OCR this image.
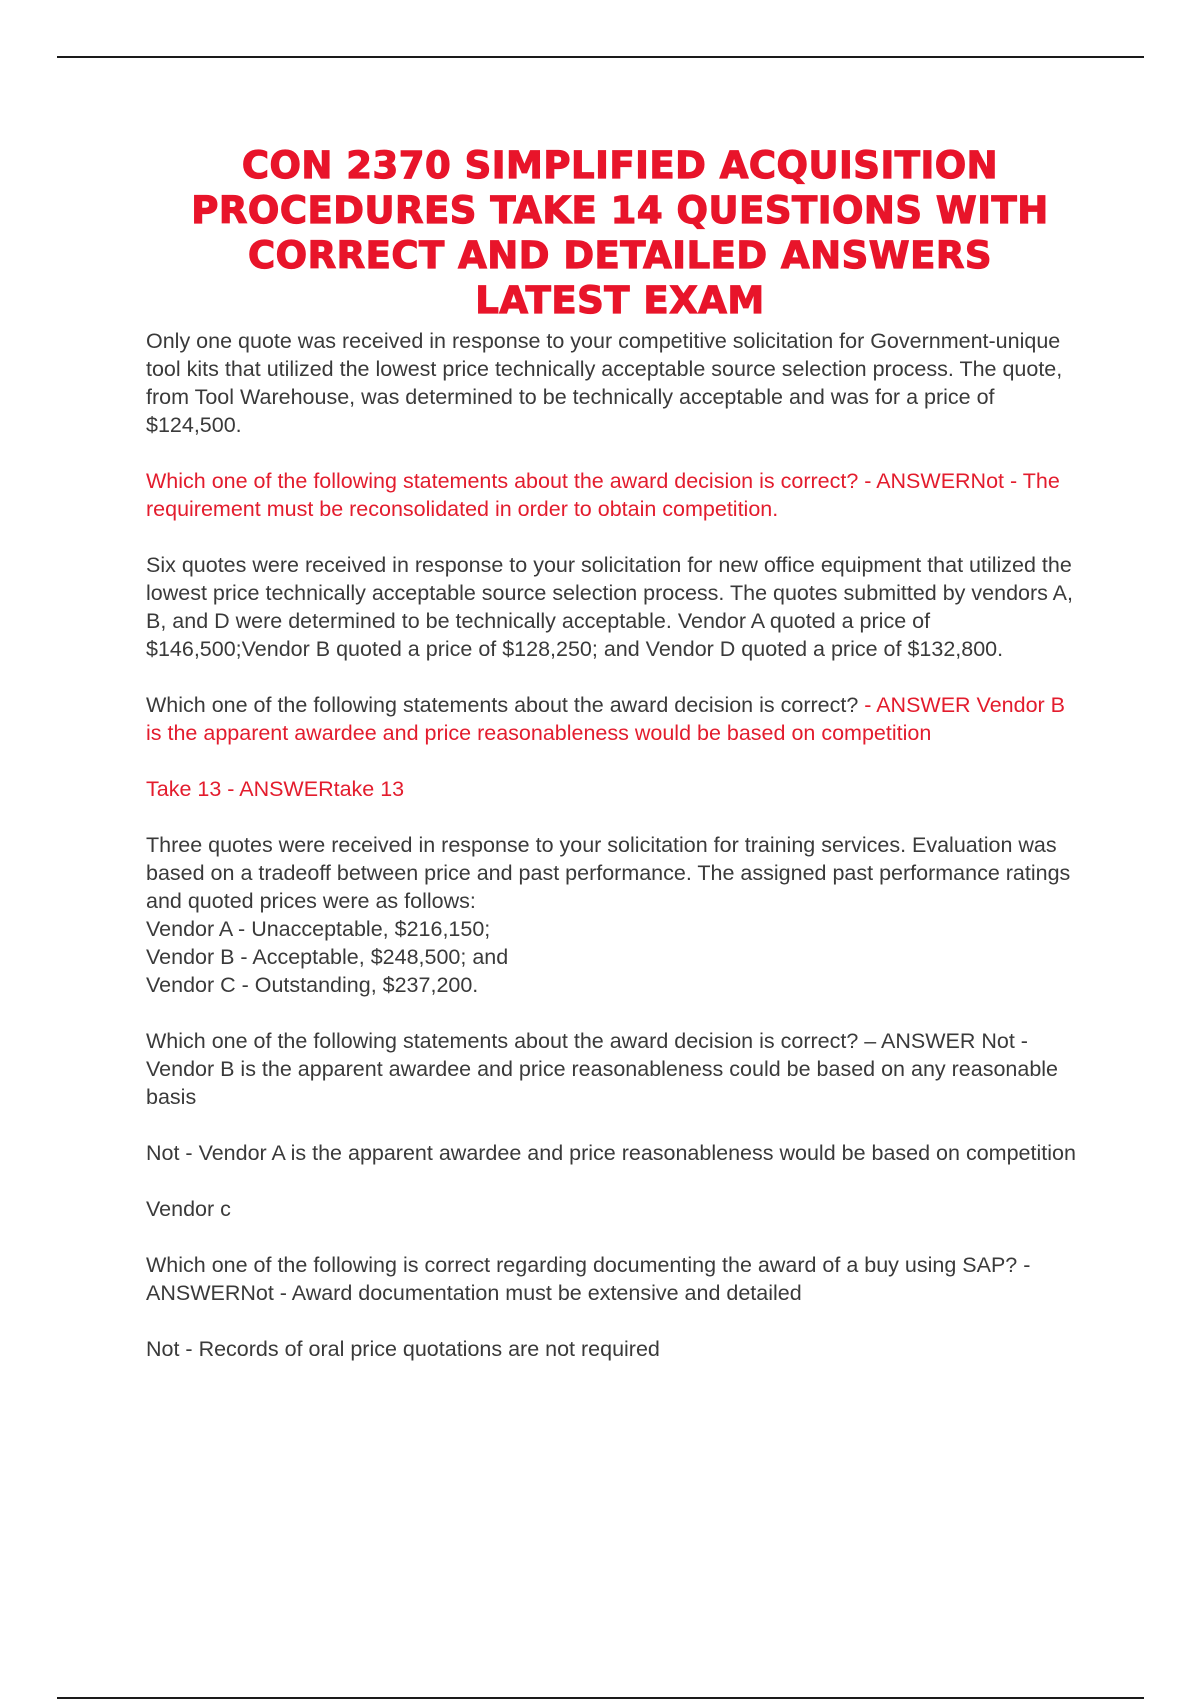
CON 2370 SIMPLIFIED ACQUISITION
PROCEDURES TAKE 14 QUESTIONS WITH
CORRECT AND DETAILED ANSWERS
LATEST EXAM

Only one quote was received in response to your competitive solicitation for Government-unique tool kits that utilized the lowest price technically acceptable source selection process. The quote, from Tool Warehouse, was determined to be technically acceptable and was for a price of $124,500.

Which one of the following statements about the award decision is correct? - ANSWERNot - The requirement must be reconsolidated in order to obtain competition.

Six quotes were received in response to your solicitation for new office equipment that utilized the lowest price technically acceptable source selection process. The quotes submitted by vendors A, B, and D were determined to be technically acceptable. Vendor A quoted a price of $146,500;Vendor B quoted a price of $128,250; and Vendor D quoted a price of $132,800.

Which one of the following statements about the award decision is correct? - ANSWER Vendor B is the apparent awardee and price reasonableness would be based on competition

Take 13 - ANSWERtake 13

Three quotes were received in response to your solicitation for training services. Evaluation was based on a tradeoff between price and past performance. The assigned past performance ratings and quoted prices were as follows:
Vendor A - Unacceptable, $216,150;
Vendor B - Acceptable, $248,500; and
Vendor C - Outstanding, $237,200.

Which one of the following statements about the award decision is correct? – ANSWER Not - Vendor B is the apparent awardee and price reasonableness could be based on any reasonable basis

Not - Vendor A is the apparent awardee and price reasonableness would be based on competition

Vendor c

Which one of the following is correct regarding documenting the award of a buy using SAP? - ANSWERNot - Award documentation must be extensive and detailed

Not - Records of oral price quotations are not required
